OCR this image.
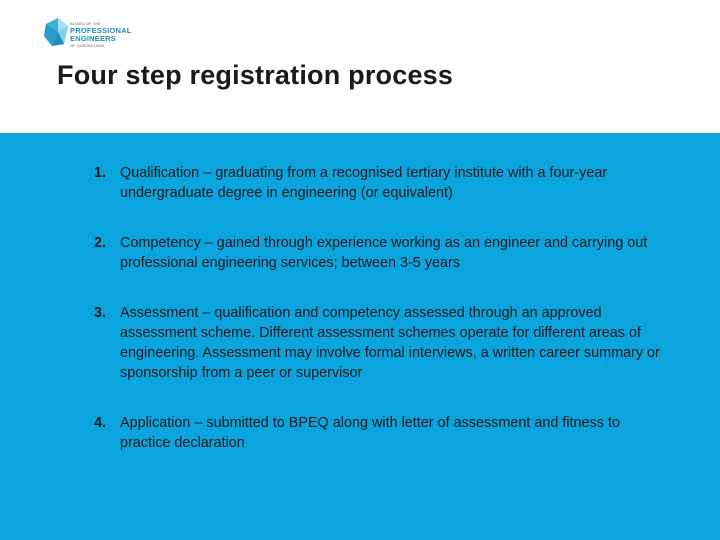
BOARD OF THE
PROFESSIONAL
ENGINEERS
OF QUEENSLAND
Four step registration process
1. Qualification – graduating from a recognised tertiary institute with a four-year undergraduate degree in engineering (or equivalent)
2. Competency – gained through experience working as an engineer and carrying out professional engineering services; between 3-5 years
3. Assessment – qualification and competency assessed through an approved assessment scheme. Different assessment schemes operate for different areas of engineering. Assessment may involve formal interviews, a written career summary or sponsorship from a peer or supervisor
4. Application – submitted to BPEQ along with letter of assessment and fitness to practice declaration
